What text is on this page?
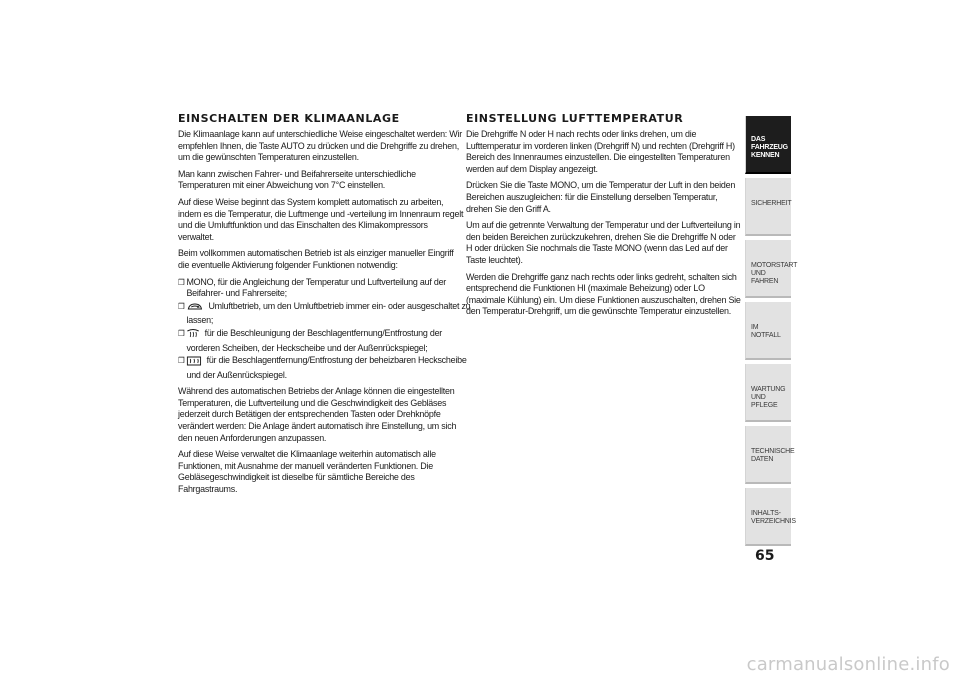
EINSCHALTEN DER KLIMAANLAGE

Die Klimaanlage kann auf unterschiedliche Weise eingeschaltet werden: Wir empfehlen Ihnen, die Taste AUTO zu drücken und die Drehgriffe zu drehen, um die gewünschten Temperaturen einzustellen.

Man kann zwischen Fahrer- und Beifahrerseite unterschiedliche Temperaturen mit einer Abweichung von 7°C einstellen.

Auf diese Weise beginnt das System komplett automatisch zu arbeiten, indem es die Temperatur, die Luftmenge und -verteilung im Innenraum regelt und die Umluftfunktion und das Einschalten des Klimakompressors verwaltet.

Beim vollkommen automatischen Betrieb ist als einziger manueller Eingriff die eventuelle Aktivierung folgender Funktionen notwendig:

❒ MONO, für die Angleichung der Temperatur und Luftverteilung auf der Beifahrer- und Fahrerseite;
❒	Umluftbetrieb, um den Umluftbetrieb immer ein- oder ausgeschaltet zu lassen;
❒ für die Beschleunigung der Beschlagentfernung/Entfrostung der vorderen Scheiben, der Heckscheibe und der Außenrückspiegel;
❒ für die Beschlagentfernung/Entfrostung der beheizbaren Heckscheibe und der Außenrückspiegel.

Während des automatischen Betriebs der Anlage können die eingestellten Temperaturen, die Luftverteilung und die Geschwindigkeit des Gebläses jederzeit durch Betätigen der entsprechenden Tasten oder Drehknöpfe verändert werden: Die Anlage ändert automatisch ihre Einstellung, um sich den neuen Anforderungen anzupassen.

Auf diese Weise verwaltet die Klimaanlage weiterhin automatisch alle Funktionen, mit Ausnahme der manuell veränderten Funktionen. Die Gebläsegeschwindigkeit ist dieselbe für sämtliche Bereiche des Fahrgastraums.

EINSTELLUNG LUFTTEMPERATUR

Die Drehgriffe N oder H nach rechts oder links drehen, um die Lufttemperatur im vorderen linken (Drehgriff N) und rechten (Drehgriff H) Bereich des Innenraumes einzustellen. Die eingestellten Temperaturen werden auf dem Display angezeigt.

Drücken Sie die Taste MONO, um die Temperatur der Luft in den beiden Bereichen auszugleichen: für die Einstellung derselben Temperatur, drehen Sie den Griff A.

Um auf die getrennte Verwaltung der Temperatur und der Luftverteilung in den beiden Bereichen zurückzukehren, drehen Sie die Drehgriffe N oder H oder drücken Sie nochmals die Taste MONO (wenn das Led auf der Taste leuchtet).

Werden die Drehgriffe ganz nach rechts oder links gedreht, schalten sich entsprechend die Funktionen HI (maximale Beheizung) oder LO (maximale Kühlung) ein. Um diese Funktionen auszuschalten, drehen Sie den Temperatur-Drehgriff, um die gewünschte Temperatur einzustellen.

DAS FAHRZEUG KENNEN
SICHERHEIT
MOTORSTART UND FAHREN
IM NOTFALL
WARTUNG UND PFLEGE
TECHNISCHE DATEN
INHALTS-VERZEICHNIS
65
carmanualsonline.info
